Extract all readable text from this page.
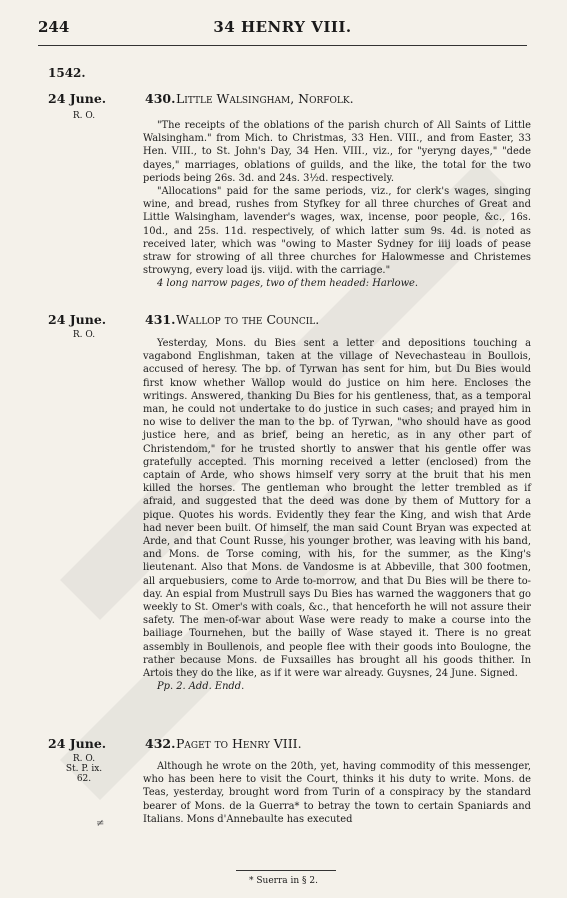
244	34 HENRY VIII.
1542.
24 June.
R. O.
430. Little Walsingham, Norfolk.

"The receipts of the oblations of the parish church of All Saints of Little Walsingham." from Mich. to Christmas, 33 Hen. VIII., and from Easter, 33 Hen. VIII., to St. John's Day, 34 Hen. VIII., viz., for "yeryng dayes," "dede dayes," marriages, oblations of guilds, and the like, the total for the two periods being 26s. 3d. and 24s. 3½d. respectively.

"Allocations" paid for the same periods, viz., for clerk's wages, singing wine, and bread, rushes from Styfkey for all three churches of Great and Little Walsingham, lavender's wages, wax, incense, poor people, &c., 16s. 10d., and 25s. 11d. respectively, of which latter sum 9s. 4d. is noted as received later, which was "owing to Master Sydney for iiij loads of pease straw for strowing of all three churches for Halowmesse and Christemes strowyng, every load ijs. viijd. with the carriage."

4 long narrow pages, two of them headed: Harlowe.

24 June.
R. O.
431. Wallop to the Council.

Yesterday, Mons. du Bies sent a letter and depositions touching a vagabond Englishman, taken at the village of Nevechasteau in Boullois, accused of heresy. The bp. of Tyrwan has sent for him, but Du Bies would first know whether Wallop would do justice on him here. Encloses the writings. Answered, thanking Du Bies for his gentleness, that, as a temporal man, he could not undertake to do justice in such cases; and prayed him in no wise to deliver the man to the bp. of Tyrwan, "who should have as good justice here, and as brief, being an heretic, as in any other part of Christendom," for he trusted shortly to answer that his gentle offer was gratefully accepted. This morning received a letter (enclosed) from the captain of Arde, who shows himself very sorry at the bruit that his men killed the horses. The gentleman who brought the letter trembled as if afraid, and suggested that the deed was done by them of Muttory for a pique. Quotes his words. Evidently they fear the King, and wish that Arde had never been built. Of himself, the man said Count Bryan was expected at Arde, and that Count Russe, his younger brother, was leaving with his band, and Mons. de Torse coming, with his, for the summer, as the King's lieutenant. Also that Mons. de Vandosme is at Abbeville, that 300 footmen, all arquebusiers, come to Arde to-morrow, and that Du Bies will be there to-day. An espial from Mustrull says Du Bies has warned the waggoners that go weekly to St. Omer's with coals, &c., that henceforth he will not assure their safety. The men-of-war about Wase were ready to make a course into the bailiage Tournehen, but the bailly of Wase stayed it. There is no great assembly in Boullenois, and people flee with their goods into Boulogne, the rather because Mons. de Fuxsailles has brought all his goods thither. In Artois they do the like, as if it were war already. Guysnes, 24 June. Signed.

Pp. 2. Add. Endd.

24 June.
R. O.
St. P. ix.
62.
432. Paget to Henry VIII.

Although he wrote on the 20th, yet, having commodity of this messenger, who has been here to visit the Court, thinks it his duty to write. Mons. de Teas, yesterday, brought word from Turin of a conspiracy by the standard bearer of Mons. de la Guerra* to betray the town to certain Spaniards and Italians. Mons d'Annebaulte has executed

≠
* Suerra in § 2.
